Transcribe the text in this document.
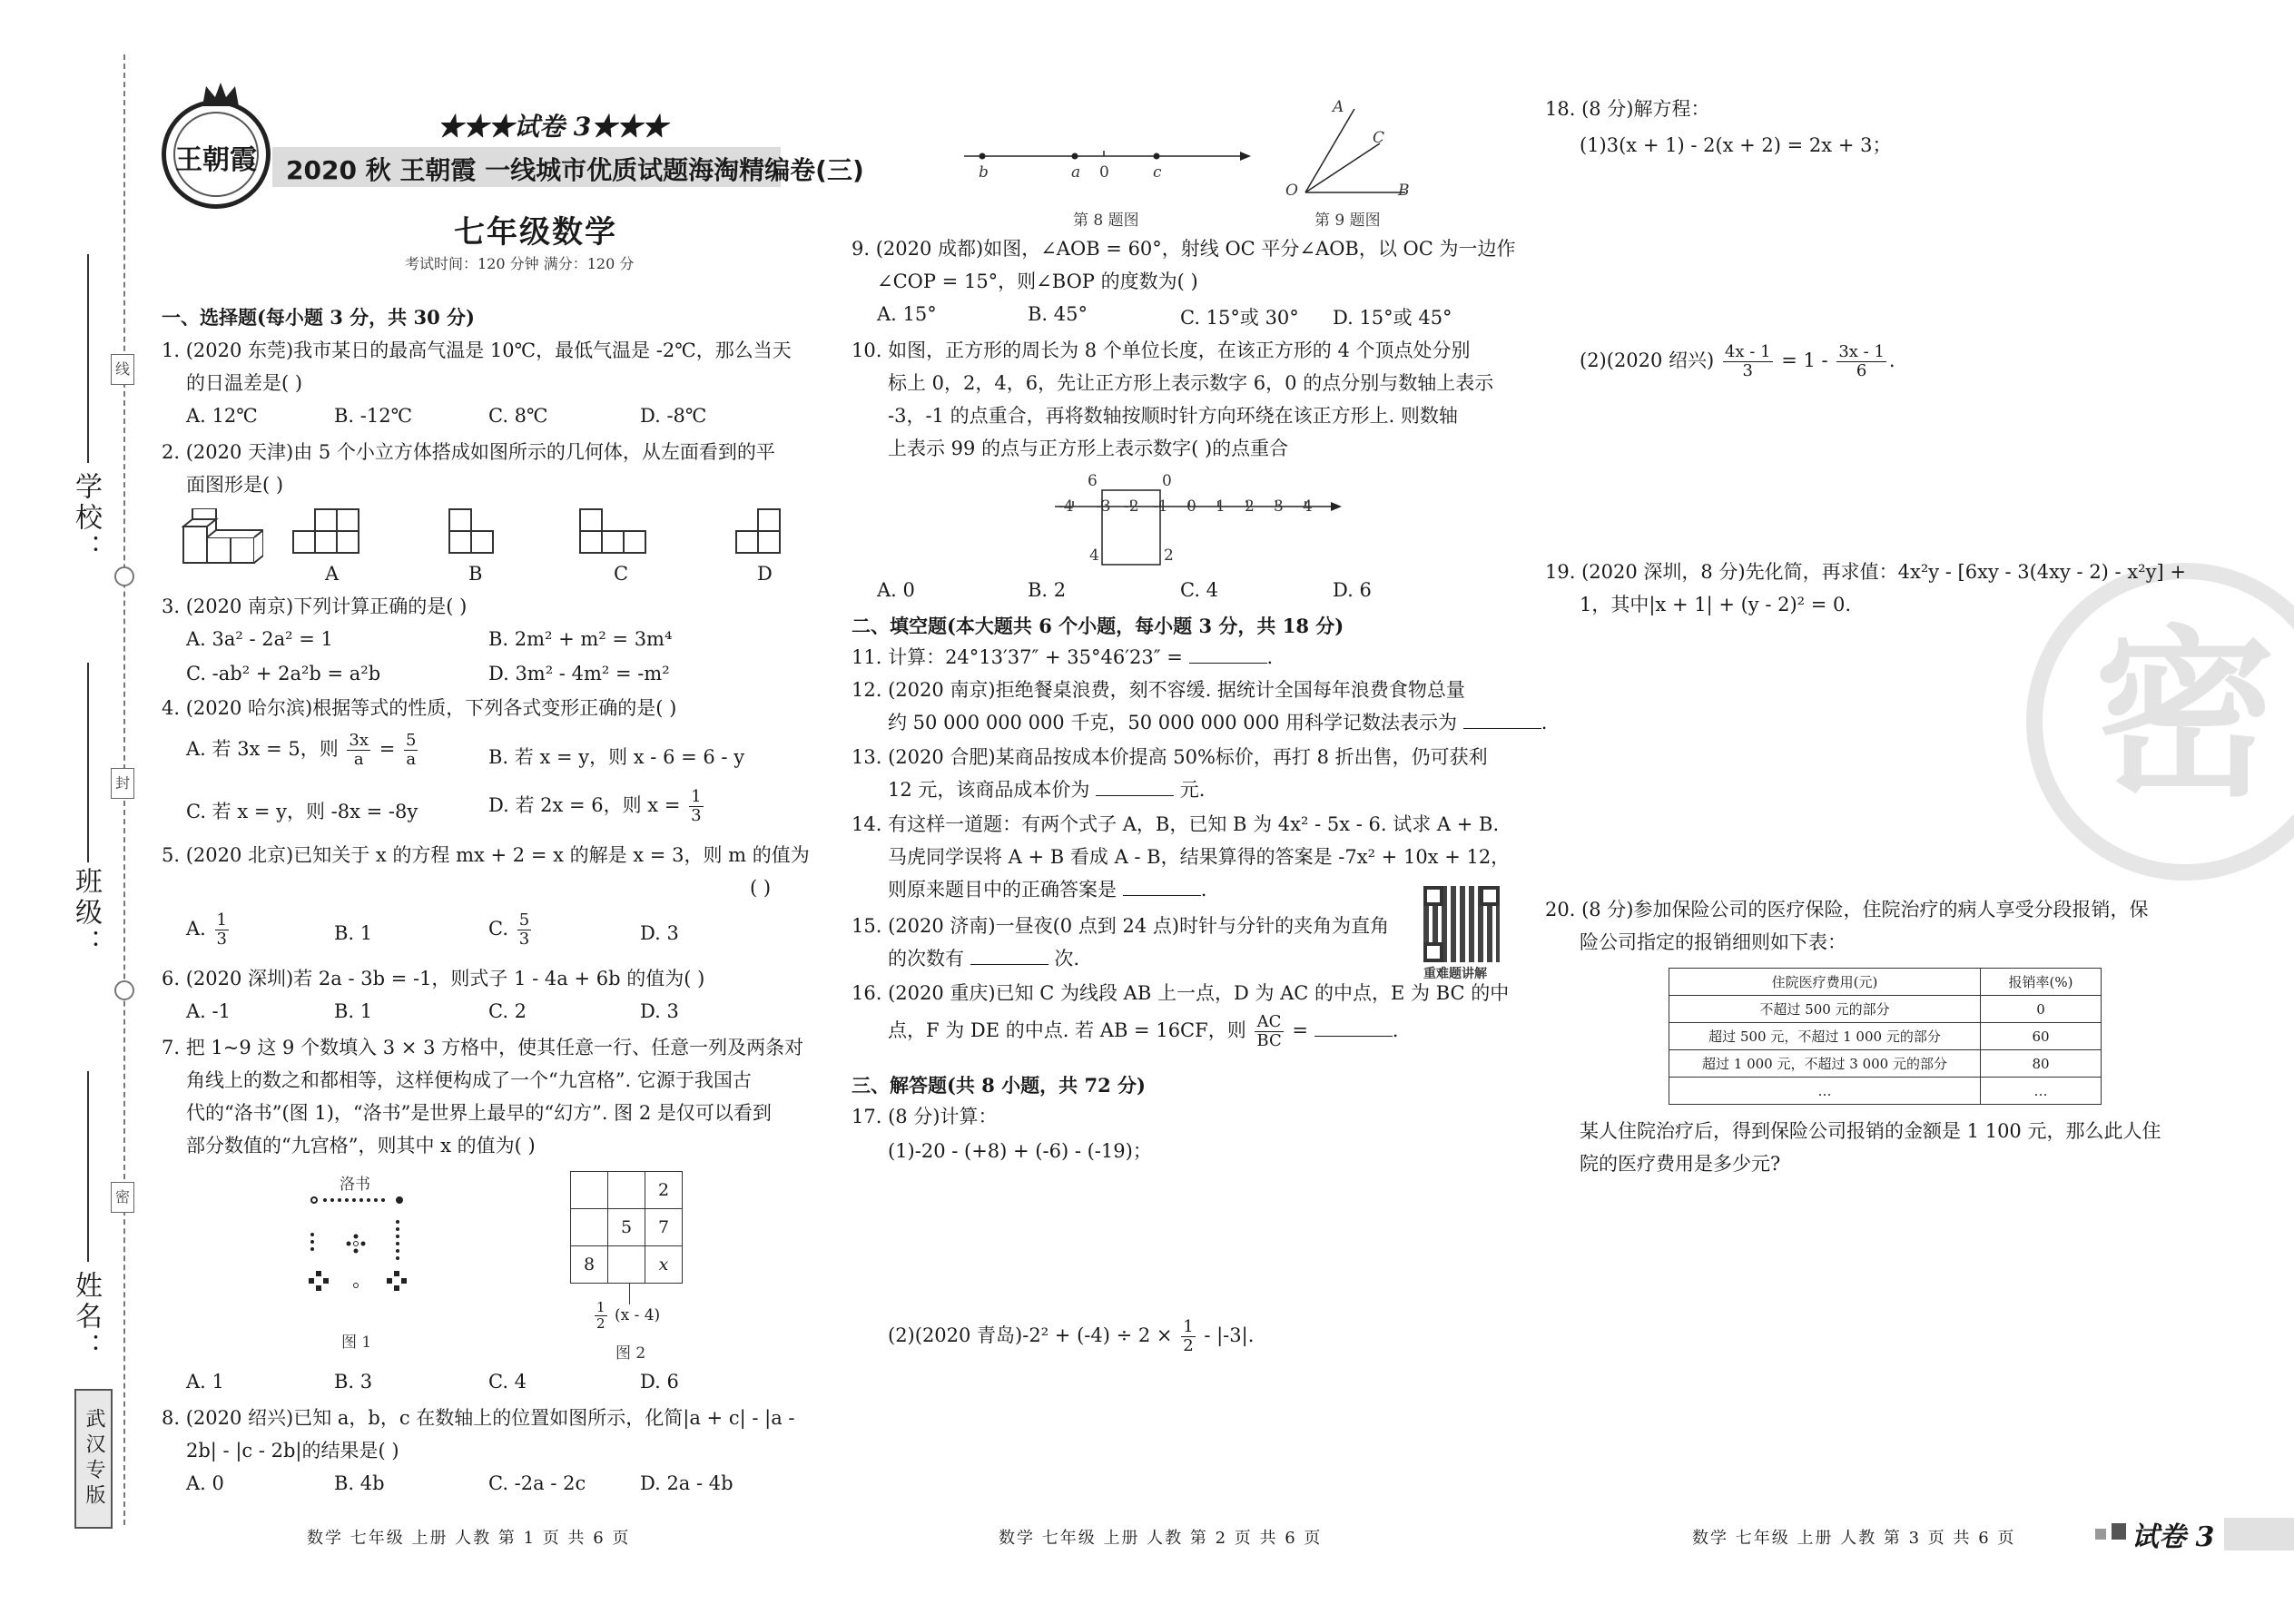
学校：
班级：
姓名：
线
封
密
武汉专版
王朝霞
★★★试卷 3★★★
2020 秋 王朝霞 一线城市优质试题海淘精编卷(三)
七年级数学
考试时间：120 分钟 满分：120 分
一、选择题(每小题 3 分，共 30 分)
1. (2020 东莞)我市某日的最高气温是 10℃，最低气温是 -2℃，那么当天
的日温差是( )
A. 12℃	B. -12℃	C. 8℃	D. -8℃
2. (2020 天津)由 5 个小立方体搭成如图所示的几何体，从左面看到的平
面图形是( )
A	B	C	D
3. (2020 南京)下列计算正确的是( )
A. 3a² - 2a² = 1	B. 2m² + m² = 3m⁴
C. -ab² + 2a²b = a²b	D. 3m² - 4m² = -m²
4. (2020 哈尔滨)根据等式的性质，下列各式变形正确的是( )
A. 若 3x = 5，则 $\frac{3x}{a} = \frac{5}{a}$	B. 若 x = y，则 x - 6 = 6 - y
C. 若 x = y，则 -8x = -8y	D. 若 2x = 6，则 $x = \frac{1}{3}$
5. (2020 北京)已知关于 x 的方程 mx + 2 = x 的解是 x = 3，则 m 的值为
( )
A. $\frac{1}{3}$	B. 1	C. $\frac{5}{3}$	D. 3
6. (2020 深圳)若 2a - 3b = -1，则式子 1 - 4a + 6b 的值为( )
A. -1	B. 1	C. 2	D. 3
7. 把 1~9 这 9 个数填入 3 × 3 方格中，使其任意一行、任意一列及两条对
角线上的数之和都相等，这样便构成了一个“九宫格”. 它源于我国古
代的“洛书”(图 1)，“洛书”是世界上最早的“幻方”. 图 2 是仅可以看到
部分数值的“九宫格”，则其中 x 的值为( )
洛书
图 1
		2
	5	7
8		x
$\frac{1}{2} (x - 4)$
图 2
A. 1	B. 3	C. 4	D. 6
8. (2020 绍兴)已知 a，b，c 在数轴上的位置如图所示，化简|a + c| - |a -
2b| - |c - 2b|的结果是( )
A. 0	B. 4b	C. -2a - 2c	D. 2a - 4b
数学 七年级 上册 人教 第 1 页 共 6 页
b	a 0	c
第 8 题图
A
C
O	B
第 9 题图
9. (2020 成都)如图，∠AOB = 60°，射线 OC 平分∠AOB，以 OC 为一边作
∠COP = 15°，则∠BOP 的度数为( )
A. 15°	B. 45°	C. 15°或 30° D. 15°或 45°
10. 如图，正方形的周长为 8 个单位长度，在该正方形的 4 个顶点处分别
标上 0，2，4，6，先让正方形上表示数字 6，0 的点分别与数轴上表示
-3，-1 的点重合，再将数轴按顺时针方向环绕在该正方形上. 则数轴
上表示 99 的点与正方形上表示数字( )的点重合
-4 -3 -2 -1 0 1 2 3 4
6	0
4	2
A. 0	B. 2	C. 4	D. 6
二、填空题(本大题共 6 个小题，每小题 3 分，共 18 分)
11. 计算：24°13′37″ + 35°46′23″ =	.
12. (2020 南京)拒绝餐桌浪费，刻不容缓. 据统计全国每年浪费食物总量
约 50 000 000 000 千克，50 000 000 000 用科学记数法表示为	.
13. (2020 合肥)某商品按成本价提高 50%标价，再打 8 折出售，仍可获利
12 元，该商品成本价为	元.
14. 有这样一道题：有两个式子 A，B，已知 B 为 4x² - 5x - 6. 试求 A + B.
马虎同学误将 A + B 看成 A - B，结果算得的答案是 -7x² + 10x + 12，
则原来题目中的正确答案是	.
重难题讲解
15. (2020 济南)一昼夜(0 点到 24 点)时针与分针的夹角为直角
的次数有	次.
16. (2020 重庆)已知 C 为线段 AB 上一点，D 为 AC 的中点，E 为 BC 的中
点，F 为 DE 的中点. 若 AB = 16CF，则 $\frac{AC}{BC}$ =	.
三、解答题(共 8 小题，共 72 分)
17. (8 分)计算：
(1)-20 - (+8) + (-6) - (-19)；
(2)(2020 青岛)$-2^2 + (-4) \div 2 \times \frac{1}{2} - |-3|$.
数学 七年级 上册 人教 第 2 页 共 6 页
密
18. (8 分)解方程：
(1)3(x + 1) - 2(x + 2) = 2x + 3；
(2)(2020 绍兴) $\frac{4x - 1}{3} = 1 - \frac{3x - 1}{6}$ .
19. (2020 深圳，8 分)先化简，再求值：4x²y - [6xy - 3(4xy - 2) - x²y] +
1，其中|x + 1| + (y - 2)² = 0.
20. (8 分)参加保险公司的医疗保险，住院治疗的病人享受分段报销，保
险公司指定的报销细则如下表：
住院医疗费用(元)	报销率(%)
不超过 500 元的部分	0
超过 500 元，不超过 1 000 元的部分	60
超过 1 000 元，不超过 3 000 元的部分	80
…	…
某人住院治疗后，得到保险公司报销的金额是 1 100 元，那么此人住
院的医疗费用是多少元?
数学 七年级 上册 人教 第 3 页 共 6 页	试卷 3
